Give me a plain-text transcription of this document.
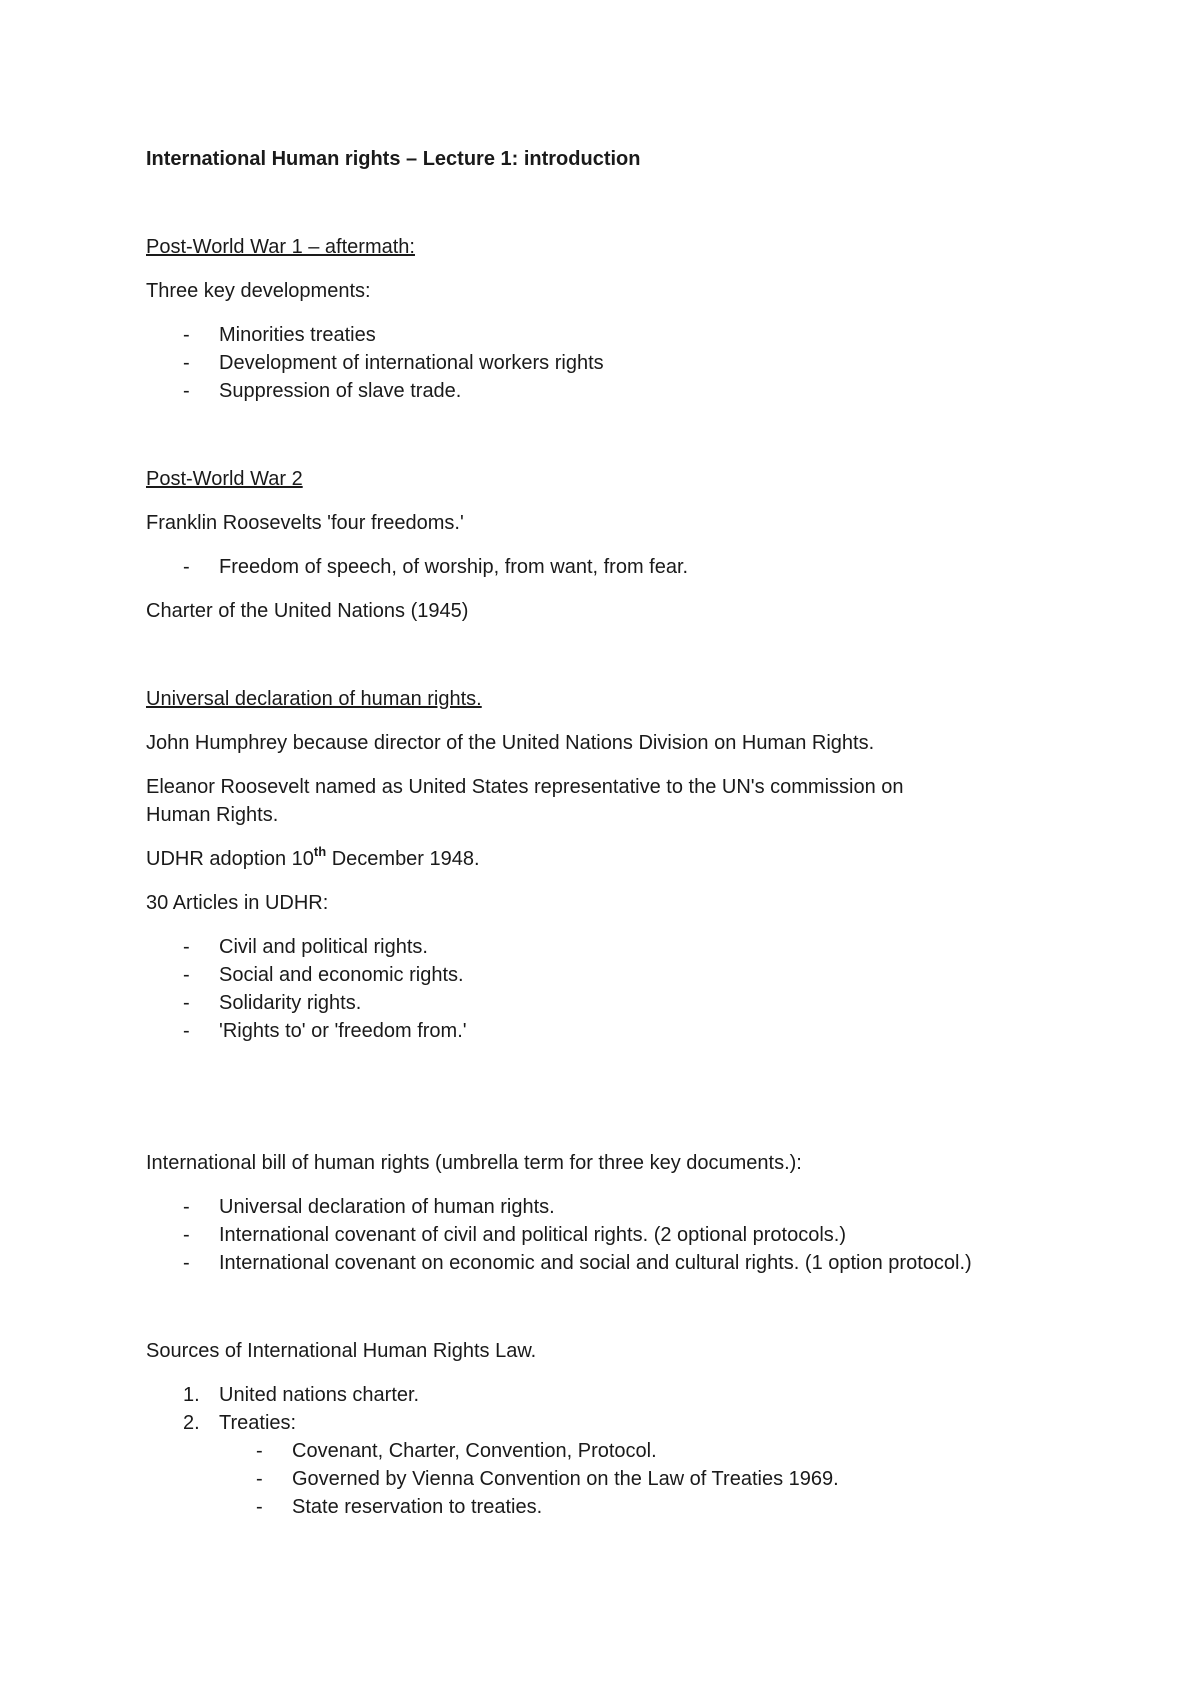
International Human rights – Lecture 1: introduction
Post-World War 1 – aftermath:
Three key developments:
- Minorities treaties
- Development of international workers rights
- Suppression of slave trade.
Post-World War 2
Franklin Roosevelts 'four freedoms.'
- Freedom of speech, of worship, from want, from fear.
Charter of the United Nations (1945)
Universal declaration of human rights.
John Humphrey because director of the United Nations Division on Human Rights.
Eleanor Roosevelt named as United States representative to the UN's commission on
Human Rights.
UDHR adoption 10th December 1948.
30 Articles in UDHR:
- Civil and political rights.
- Social and economic rights.
- Solidarity rights.
- 'Rights to' or 'freedom from.'
International bill of human rights (umbrella term for three key documents.):
- Universal declaration of human rights.
- International covenant of civil and political rights. (2 optional protocols.)
- International covenant on economic and social and cultural rights. (1 option protocol.)
Sources of International Human Rights Law.
1. United nations charter.
2. Treaties:
- Covenant, Charter, Convention, Protocol.
- Governed by Vienna Convention on the Law of Treaties 1969.
- State reservation to treaties.
